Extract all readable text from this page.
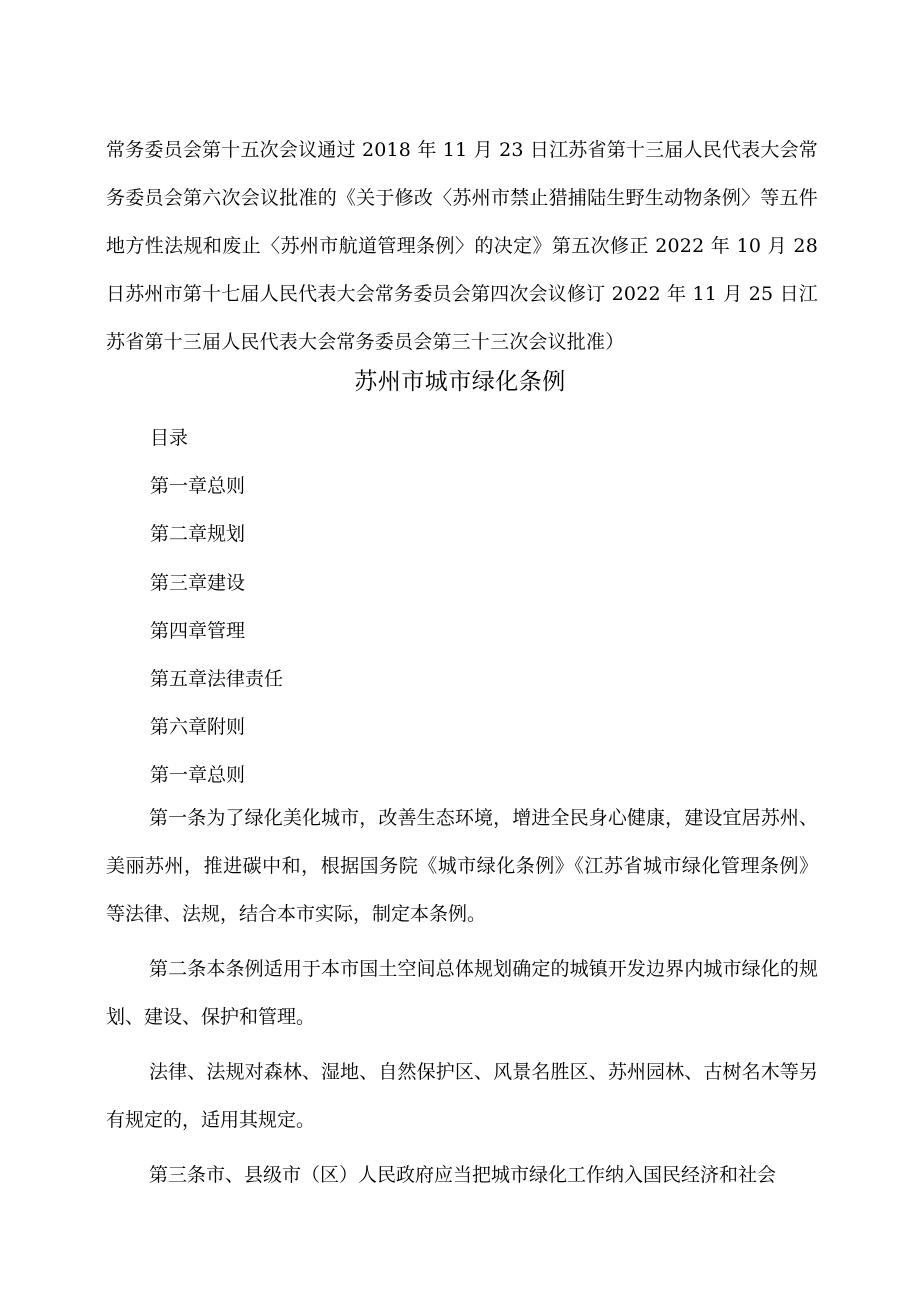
常务委员会第十五次会议通过 2018 年 11 月 23 日江苏省第十三届人民代表大会常务委员会第六次会议批准的《关于修改〈苏州市禁止猎捕陆生野生动物条例〉等五件地方性法规和废止〈苏州市航道管理条例〉的决定》第五次修正 2022 年 10 月 28 日苏州市第十七届人民代表大会常务委员会第四次会议修订 2022 年 11 月 25 日江苏省第十三届人民代表大会常务委员会第三十三次会议批准）
苏州市城市绿化条例
目录
第一章总则
第二章规划
第三章建设
第四章管理
第五章法律责任
第六章附则
第一章总则

第一条为了绿化美化城市，改善生态环境，增进全民身心健康，建设宜居苏州、美丽苏州，推进碳中和，根据国务院《城市绿化条例》《江苏省城市绿化管理条例》等法律、法规，结合本市实际，制定本条例。

第二条本条例适用于本市国土空间总体规划确定的城镇开发边界内城市绿化的规划、建设、保护和管理。

法律、法规对森林、湿地、自然保护区、风景名胜区、苏州园林、古树名木等另有规定的，适用其规定。

第三条市、县级市（区）人民政府应当把城市绿化工作纳入国民经济和社会
